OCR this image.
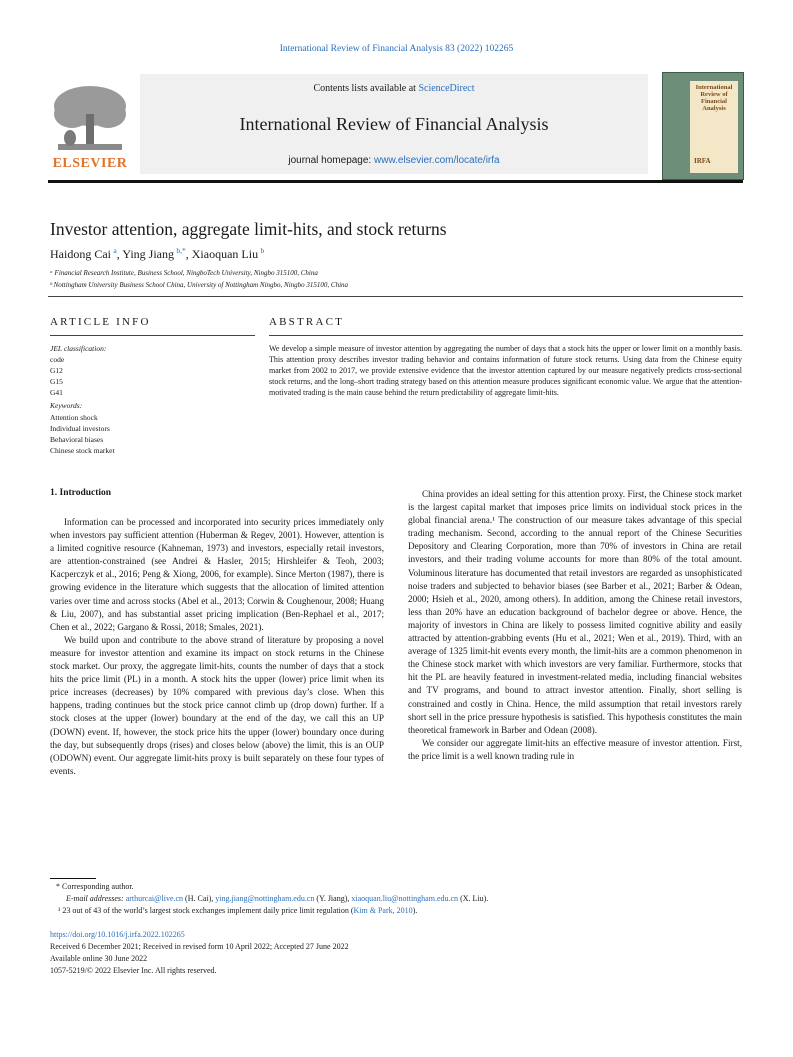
International Review of Financial Analysis 83 (2022) 102265
ELSEVIER
Contents lists available at ScienceDirect
International Review of Financial Analysis
journal homepage: www.elsevier.com/locate/irfa
International Review of Financial Analysis
IRFA
Investor attention, aggregate limit-hits, and stock returns
Haidong Cai  $^a$, Ying Jiang  $^{b,*}$, Xiaoquan Liu  $^b$
ᵃ Financial Research Institute, Business School, NingboTech University, Ningbo 315100, China
ᵇ Nottingham University Business School China, University of Nottingham Ningbo, Ningbo 315100, China
ARTICLE INFO	ABSTRACT
JEL classification:
code
G12
G15
G41
Keywords:
Attention shock
Individual investors
Behavioral biases
Chinese stock market
We develop a simple measure of investor attention by aggregating the number of days that a stock hits the upper or lower limit on a monthly basis. This attention proxy describes investor trading behavior and contains information of future stock returns. Using data from the Chinese equity market from 2002 to 2017, we provide extensive evidence that the investor attention captured by our measure negatively predicts cross-sectional stock returns, and the long–short trading strategy based on this attention measure produces significant economic value. We argue that the attention-motivated trading is the main cause behind the return predictability of aggregate limit-hits.
1. Introduction

Information can be processed and incorporated into security prices immediately only when investors pay sufficient attention (Huberman & Regev, 2001). However, attention is a limited cognitive resource (Kahneman, 1973) and investors, especially retail investors, are attention-constrained (see Andrei & Hasler, 2015; Hirshleifer & Teoh, 2003; Kacperczyk et al., 2016; Peng & Xiong, 2006, for example). Since Merton (1987), there is growing evidence in the literature which suggests that the allocation of limited attention varies over time and across stocks (Abel et al., 2013; Corwin & Coughenour, 2008; Huang & Liu, 2007), and has substantial asset pricing implication (Ben-Rephael et al., 2017; Chen et al., 2022; Gargano & Rossi, 2018; Smales, 2021).

We build upon and contribute to the above strand of literature by proposing a novel measure for investor attention and examine its impact on stock returns in the Chinese stock market. Our proxy, the aggregate limit-hits, counts the number of days that a stock hits the price limit (PL) in a month. A stock hits the upper (lower) price limit when its price increases (decreases) by 10% compared with previous day’s close. When this happens, trading continues but the stock price cannot climb up (drop down) further. If a stock closes at the upper (lower) boundary at the end of the day, we call this an UP (DOWN) event. If, however, the stock price hits the upper (lower) boundary once during the day, but subsequently drops (rises) and closes below (above) the limit, this is an OUP (ODOWN) event. Our aggregate limit-hits proxy is built separately on these four types of events.

China provides an ideal setting for this attention proxy. First, the Chinese stock market is the largest capital market that imposes price limits on individual stock prices in the global financial arena.¹ The construction of our measure takes advantage of this special trading mechanism. Second, according to the annual report of the Chinese Securities Depository and Clearing Corporation, more than 70% of investors in China are retail investors, and their trading volume accounts for more than 80% of the total amount. Voluminous literature has documented that retail investors are regarded as unsophisticated noise traders and subjected to behavior biases (see Barber et al., 2021; Barber & Odean, 2000; Hsieh et al., 2020, among others). In addition, among the Chinese retail investors, less than 20% have an education background of bachelor degree or above. Hence, the majority of investors in China are likely to possess limited cognitive ability and easily attracted by attention-grabbing events (Hu et al., 2021; Wen et al., 2019). Third, with an average of 1325 limit-hit events every month, the limit-hits are a common phenomenon in the Chinese stock market with which investors are very familiar. Furthermore, stocks that hit the PL are heavily featured in investment-related media, including financial websites and TV programs, and bound to attract investor attention. Finally, short selling is constrained and costly in China. Hence, the mild assumption that retail investors rarely short sell in the price pressure hypothesis is satisfied. This hypothesis constitutes the main theoretical framework in Barber and Odean (2008).

We consider our aggregate limit-hits an effective measure of investor attention. First, the price limit is a well known trading rule in

* Corresponding author.
E-mail addresses: arthurcai@live.cn (H. Cai), ying.jiang@nottingham.edu.cn (Y. Jiang), xiaoquan.liu@nottingham.edu.cn (X. Liu).
¹ 23 out of 43 of the world’s largest stock exchanges implement daily price limit regulation (Kim & Park, 2010).
https://doi.org/10.1016/j.irfa.2022.102265
Received 6 December 2021; Received in revised form 10 April 2022; Accepted 27 June 2022
Available online 30 June 2022
1057-5219/© 2022 Elsevier Inc. All rights reserved.
